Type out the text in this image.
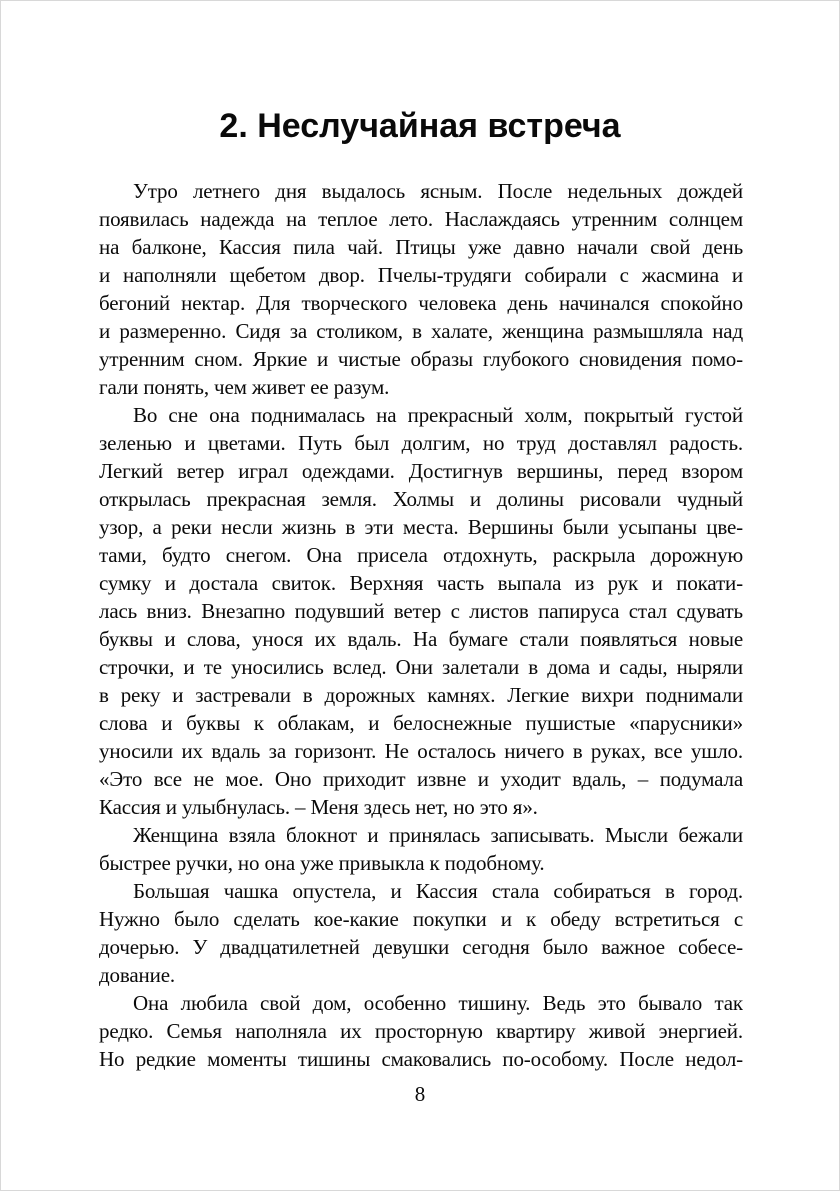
2. Неслучайная встреча
Утро летнего дня выдалось ясным. После недельных дождей
появилась надежда на теплое лето. Наслаждаясь утренним солнцем
на балконе, Кассия пила чай. Птицы уже давно начали свой день
и наполняли щебетом двор. Пчелы-трудяги собирали с жасмина и
бегоний нектар. Для творческого человека день начинался спокойно
и размеренно. Сидя за столиком, в халате, женщина размышляла над
утренним сном. Яркие и чистые образы глубокого сновидения помо-
гали понять, чем живет ее разум.
Во сне она поднималась на прекрасный холм, покрытый густой
зеленью и цветами. Путь был долгим, но труд доставлял радость.
Легкий ветер играл одеждами. Достигнув вершины, перед взором
открылась прекрасная земля. Холмы и долины рисовали чудный
узор, а реки несли жизнь в эти места. Вершины были усыпаны цве-
тами, будто снегом. Она присела отдохнуть, раскрыла дорожную
сумку и достала свиток. Верхняя часть выпала из рук и покати-
лась вниз. Внезапно подувший ветер с листов папируса стал сдувать
буквы и слова, унося их вдаль. На бумаге стали появляться новые
строчки, и те уносились вслед. Они залетали в дома и сады, ныряли
в реку и застревали в дорожных камнях. Легкие вихри поднимали
слова и буквы к облакам, и белоснежные пушистые «парусники»
уносили их вдаль за горизонт. Не осталось ничего в руках, все ушло.
«Это все не мое. Оно приходит извне и уходит вдаль, – подумала
Кассия и улыбнулась. – Меня здесь нет, но это я».
Женщина взяла блокнот и принялась записывать. Мысли бежали
быстрее ручки, но она уже привыкла к подобному.
Большая чашка опустела, и Кассия стала собираться в город.
Нужно было сделать кое-какие покупки и к обеду встретиться с
дочерью. У двадцатилетней девушки сегодня было важное собесе-
дование.
Она любила свой дом, особенно тишину. Ведь это бывало так
редко. Семья наполняла их просторную квартиру живой энергией.
Но редкие моменты тишины смаковались по-особому. После недол-
8
